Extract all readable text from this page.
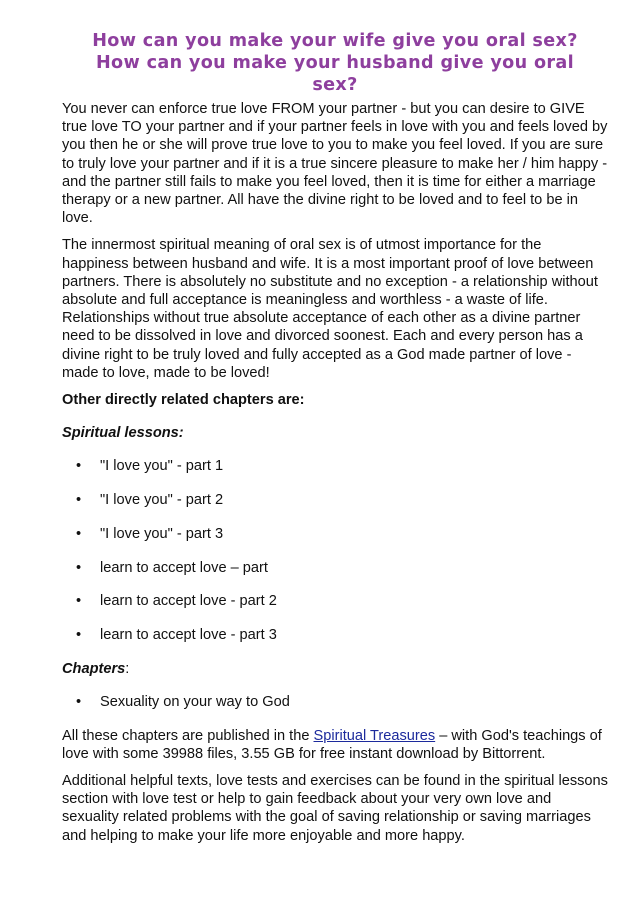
How can you make your wife give you oral sex?
How can you make your husband give you oral
sex?

You never can enforce true love FROM your partner - but you can desire to GIVE true love TO your partner and if your partner feels in love with you and feels loved by you then he or she will prove true love to you to make you feel loved. If you are sure to truly love your partner and if it is a true sincere pleasure to make her / him happy - and the partner still fails to make you feel loved, then it is time for either a marriage therapy or a new partner. All have the divine right to be loved and to feel to be in love.

The innermost spiritual meaning of oral sex is of utmost importance for the happiness between husband and wife. It is a most important proof of love between partners. There is absolutely no substitute and no exception - a relationship without absolute and full acceptance is meaningless and worthless - a waste of life. Relationships without true absolute acceptance of each other as a divine partner need to be dissolved in love and divorced soonest. Each and every person has a divine right to be truly loved and fully accepted as a God made partner of love - made to love, made to be loved!

Other directly related chapters are:

Spiritual lessons:

• "I love you" - part 1
• "I love you" - part 2
• "I love you" - part 3
• learn to accept love – part
• learn to accept love - part 2
• learn to accept love - part 3

Chapters:

• Sexuality on your way to God

All these chapters are published in the Spiritual Treasures – with God's teachings of love with some 39988 files, 3.55 GB for free instant download by Bittorrent.

Additional helpful texts, love tests and exercises can be found in the spiritual lessons section with love test or help to gain feedback about your very own love and sexuality related problems with the goal of saving relationship or saving marriages and helping to make your life more enjoyable and more happy.
